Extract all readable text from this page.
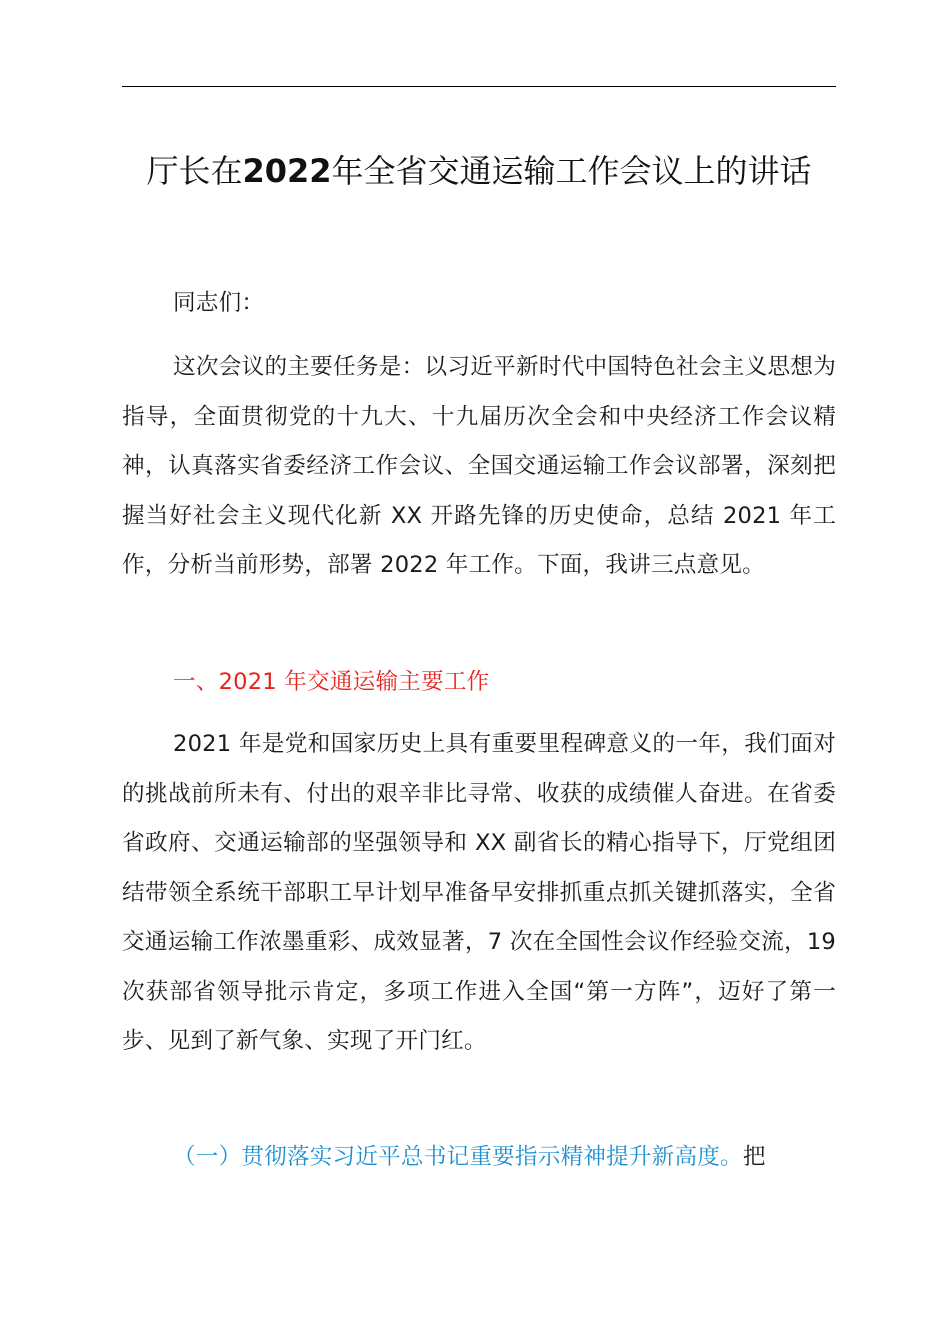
厅长在2022年全省交通运输工作会议上的讲话

同志们：

这次会议的主要任务是：以习近平新时代中国特色社会主义思想为指导，全面贯彻党的十九大、十九届历次全会和中央经济工作会议精神，认真落实省委经济工作会议、全国交通运输工作会议部署，深刻把握当好社会主义现代化新 XX 开路先锋的历史使命，总结 2021 年工作，分析当前形势，部署 2022 年工作。下面，我讲三点意见。

一、2021 年交通运输主要工作

2021 年是党和国家历史上具有重要里程碑意义的一年，我们面对的挑战前所未有、付出的艰辛非比寻常、收获的成绩催人奋进。在省委省政府、交通运输部的坚强领导和 XX 副省长的精心指导下，厅党组团结带领全系统干部职工早计划早准备早安排抓重点抓关键抓落实，全省交通运输工作浓墨重彩、成效显著，7 次在全国性会议作经验交流，19 次获部省领导批示肯定，多项工作进入全国“第一方阵”，迈好了第一步、见到了新气象、实现了开门红。

（一）贯彻落实习近平总书记重要指示精神提升新高度。把
